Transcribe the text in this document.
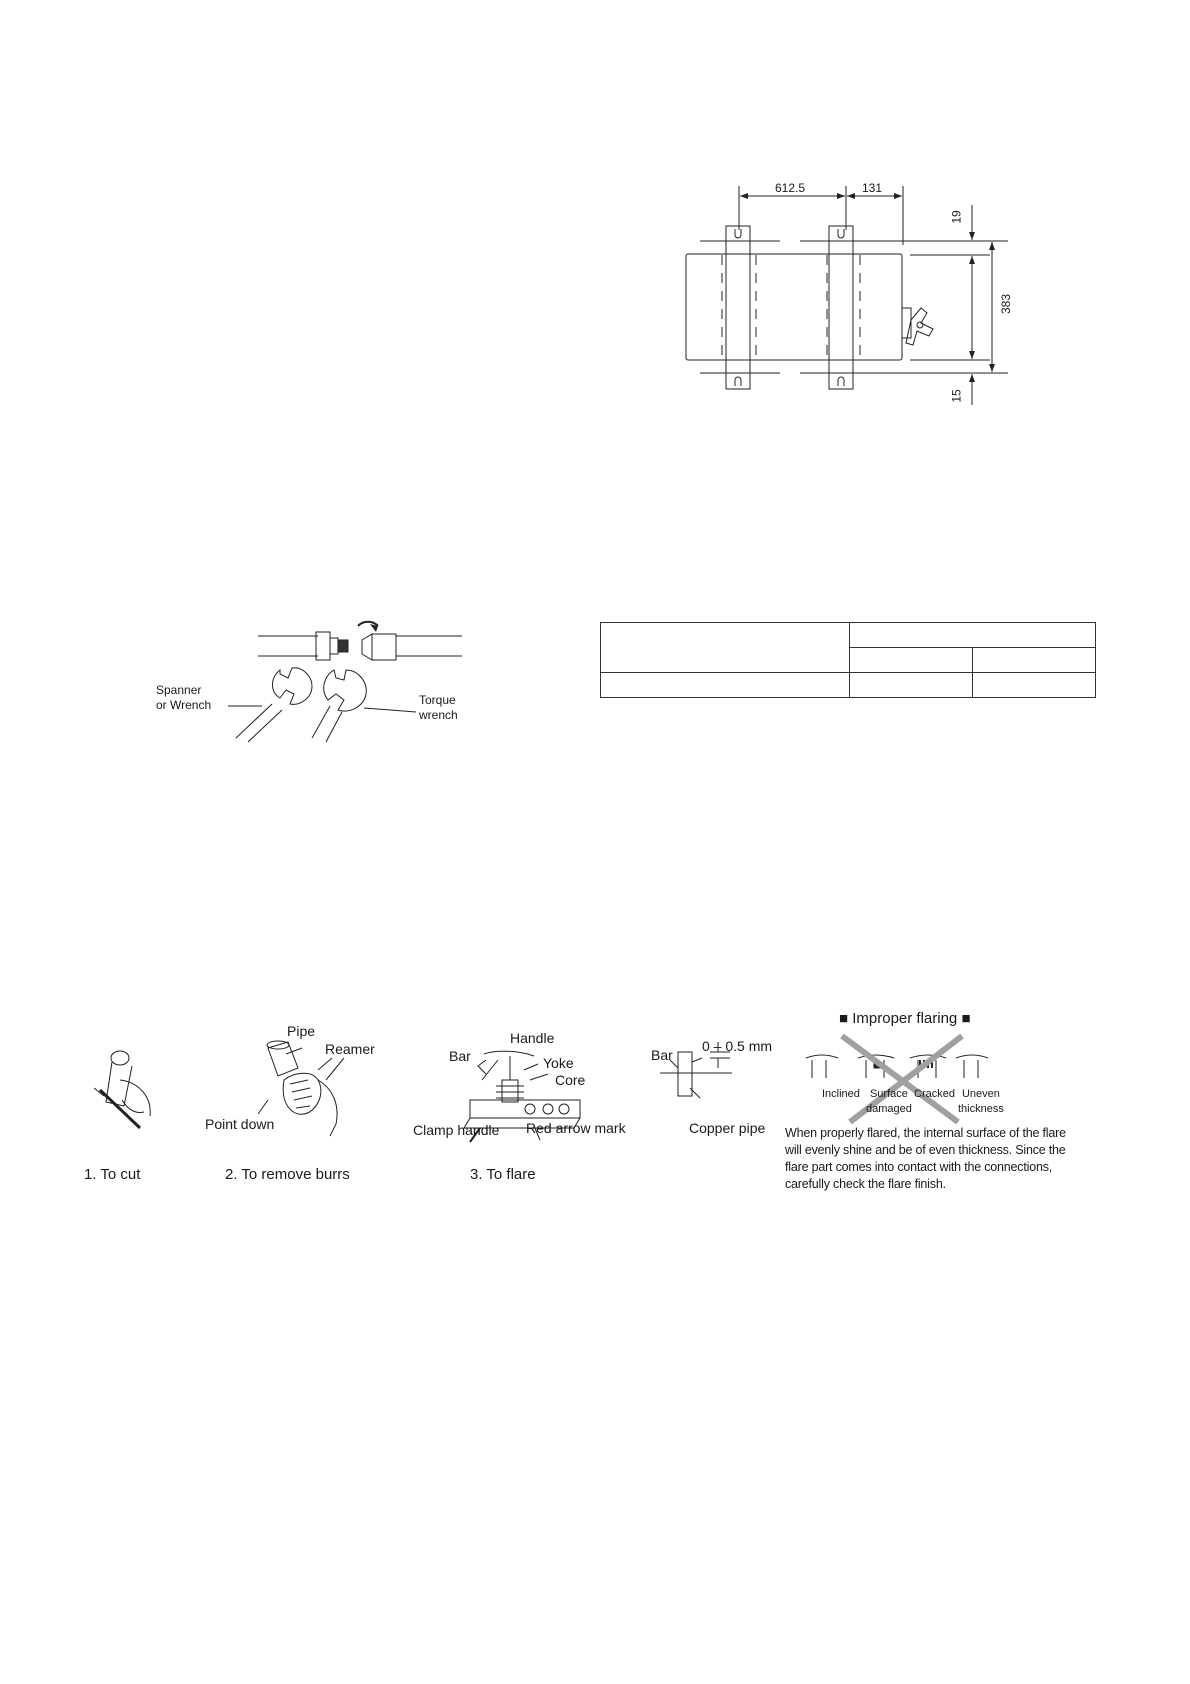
612.5	131
19
383
15
Spanner
or Wrench	Torque
wrench

1. To cut	2. To remove burrs	3. To flare
Pipe
Reamer
Point down
Handle
Bar	Yoke
Core
Clamp handle Red arrow mark
Bar
0 – 0.5 mm
Copper pipe
■ Improper flaring ■
Inclined Surface
damaged
Cracked Uneven
thickness
When properly flared, the internal surface of the flare will evenly shine and be of even thickness. Since the flare part comes into contact with the connections, carefully check the flare finish.
